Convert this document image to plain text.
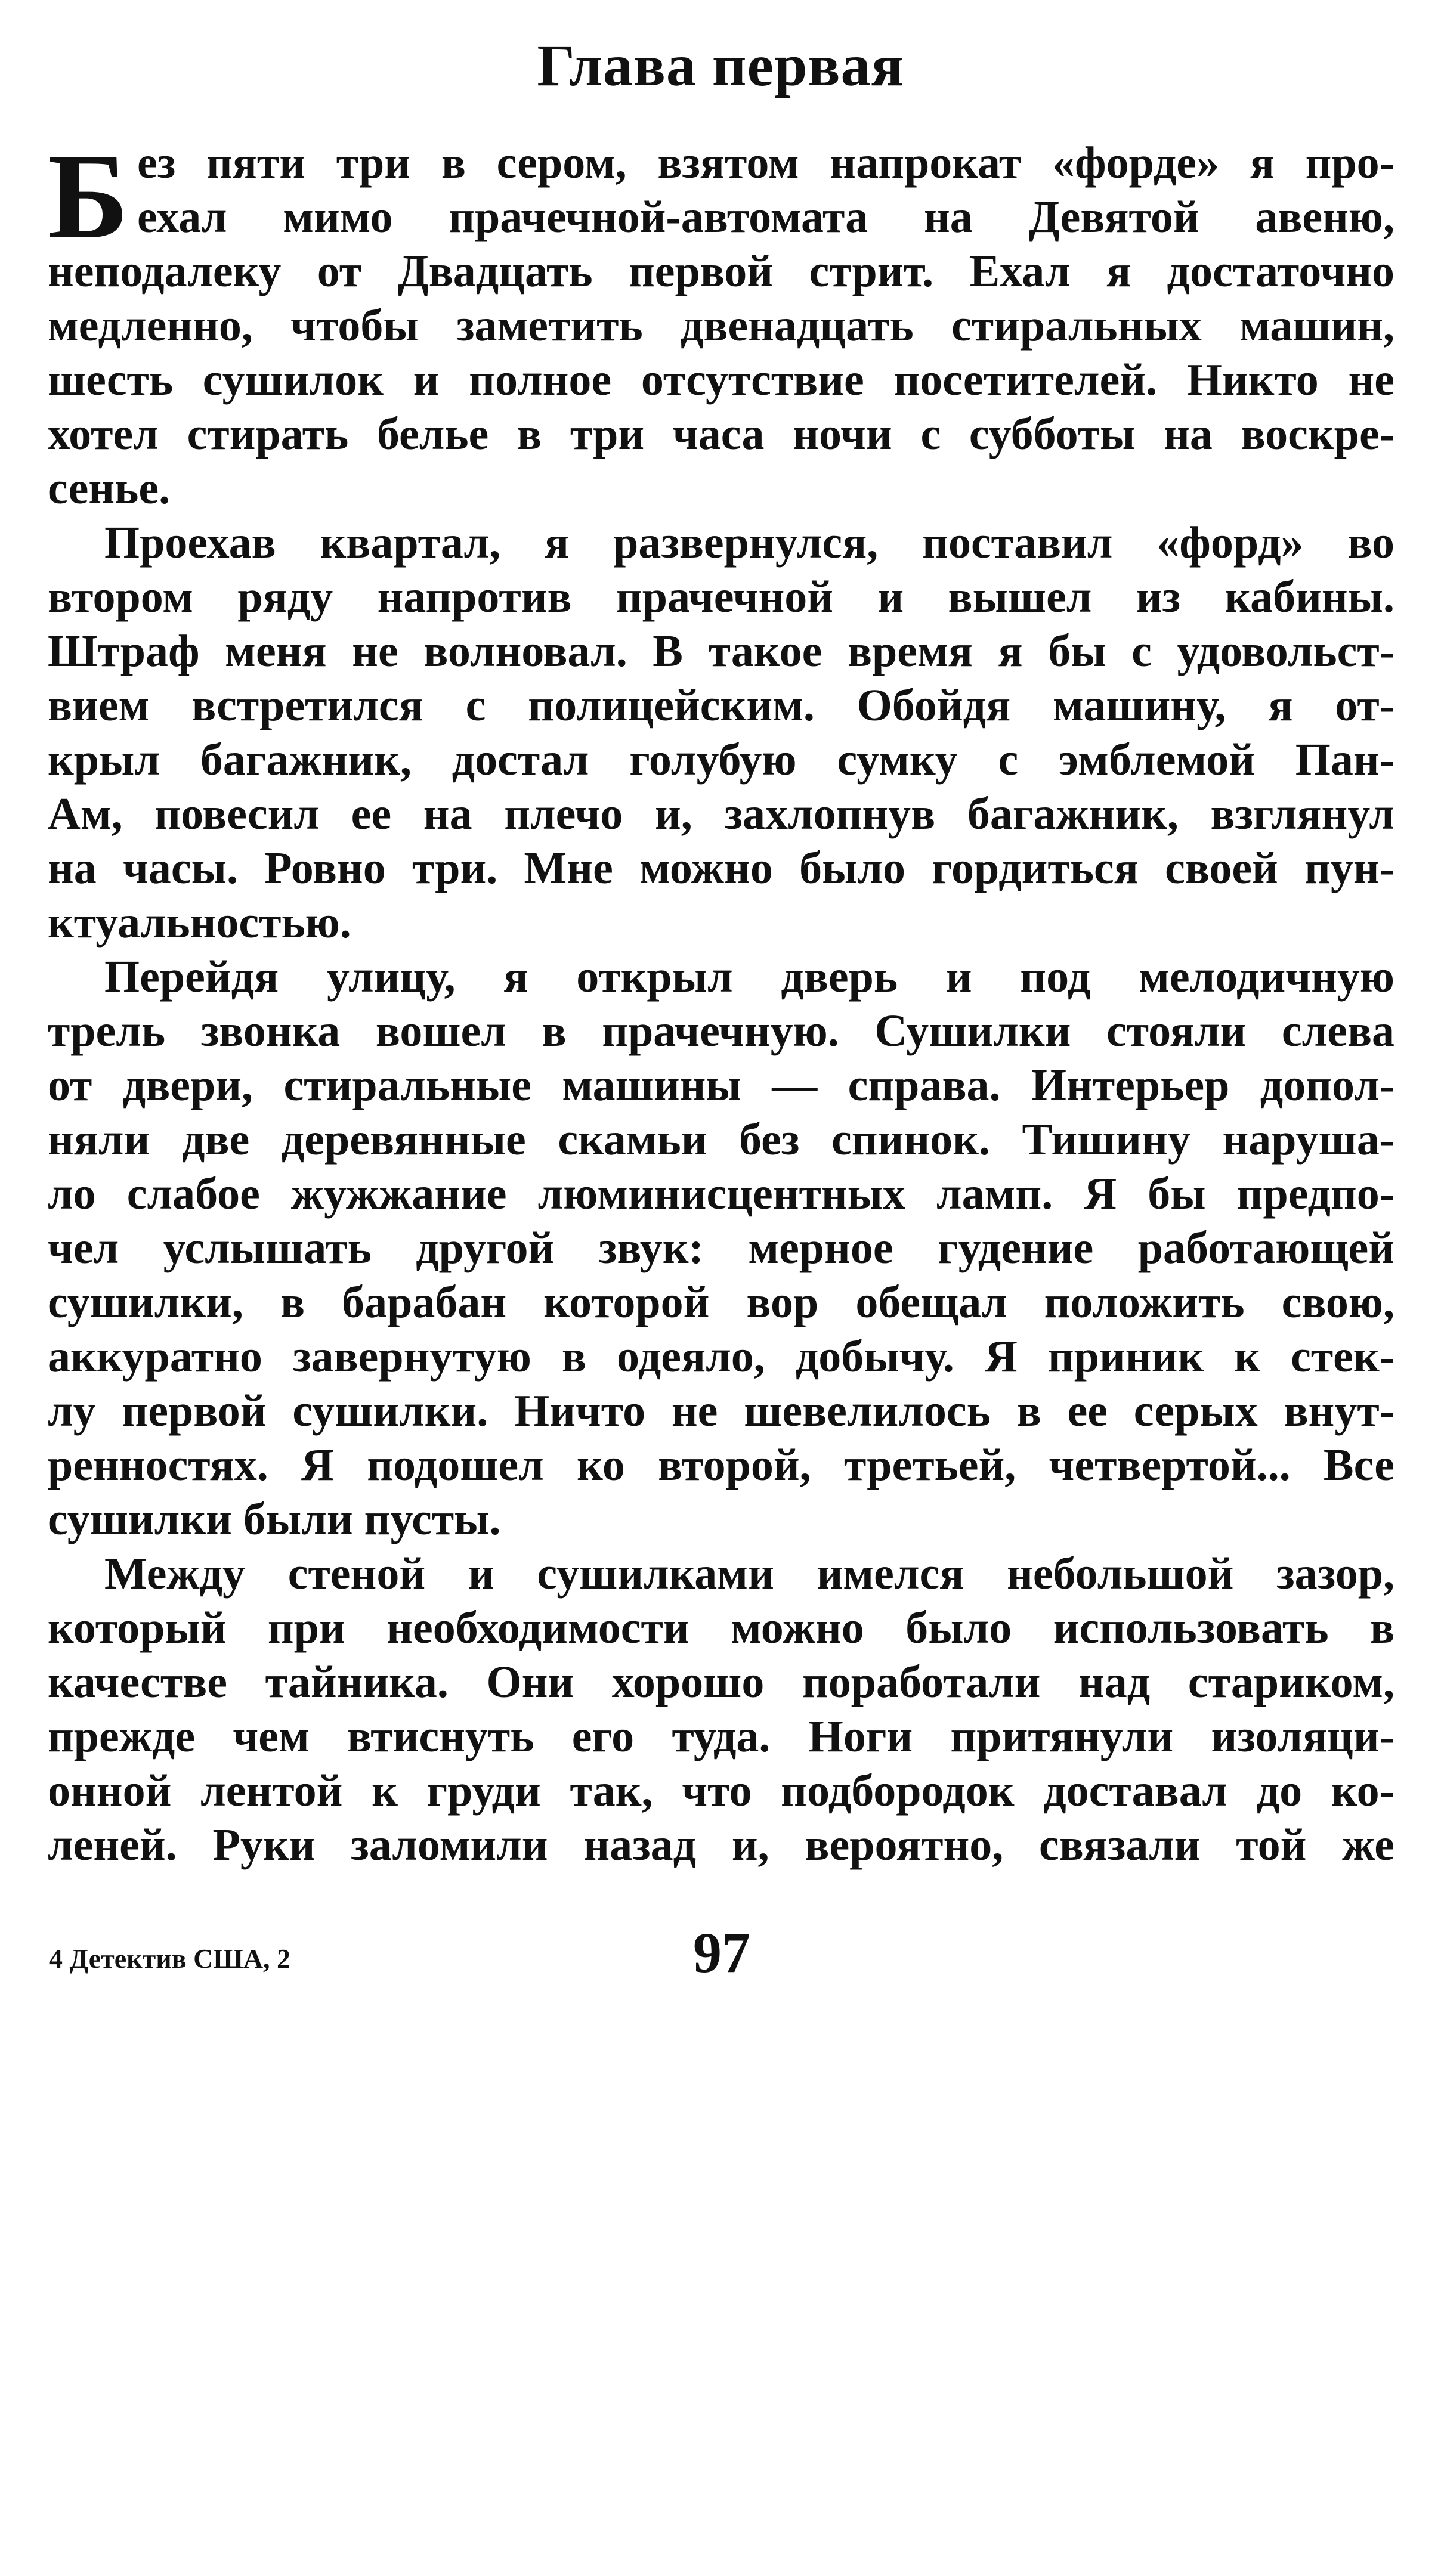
Глава первая
Б ез пяти три в сером, взятом напрокат «форде» я про-
ехал мимо прачечной-автомата на Девятой авеню,
неподалеку от Двадцать первой стрит. Ехал я достаточно
медленно, чтобы заметить двенадцать стиральных машин,
шесть сушилок и полное отсутствие посетителей. Никто не
хотел стирать белье в три часа ночи с субботы на воскре-
сенье.
Проехав квартал, я развернулся, поставил «форд» во
втором ряду напротив прачечной и вышел из кабины.
Штраф меня не волновал. В такое время я бы с удовольст-
вием встретился с полицейским. Обойдя машину, я от-
крыл багажник, достал голубую сумку с эмблемой Пан-
Ам, повесил ее на плечо и, захлопнув багажник, взглянул
на часы. Ровно три. Мне можно было гордиться своей пун-
ктуальностью.
Перейдя улицу, я открыл дверь и под мелодичную
трель звонка вошел в прачечную. Сушилки стояли слева
от двери, стиральные машины — справа. Интерьер допол-
няли две деревянные скамьи без спинок. Тишину наруша-
ло слабое жужжание люминисцентных ламп. Я бы предпо-
чел услышать другой звук: мерное гудение работающей
сушилки, в барабан которой вор обещал положить свою,
аккуратно завернутую в одеяло, добычу. Я приник к стек-
лу первой сушилки. Ничто не шевелилось в ее серых внут-
ренностях. Я подошел ко второй, третьей, четвертой... Все
сушилки были пусты.
Между стеной и сушилками имелся небольшой зазор,
который при необходимости можно было использовать в
качестве тайника. Они хорошо поработали над стариком,
прежде чем втиснуть его туда. Ноги притянули изоляци-
онной лентой к груди так, что подбородок доставал до ко-
леней. Руки заломили назад и, вероятно, связали той же
4 Детектив США, 2	97
